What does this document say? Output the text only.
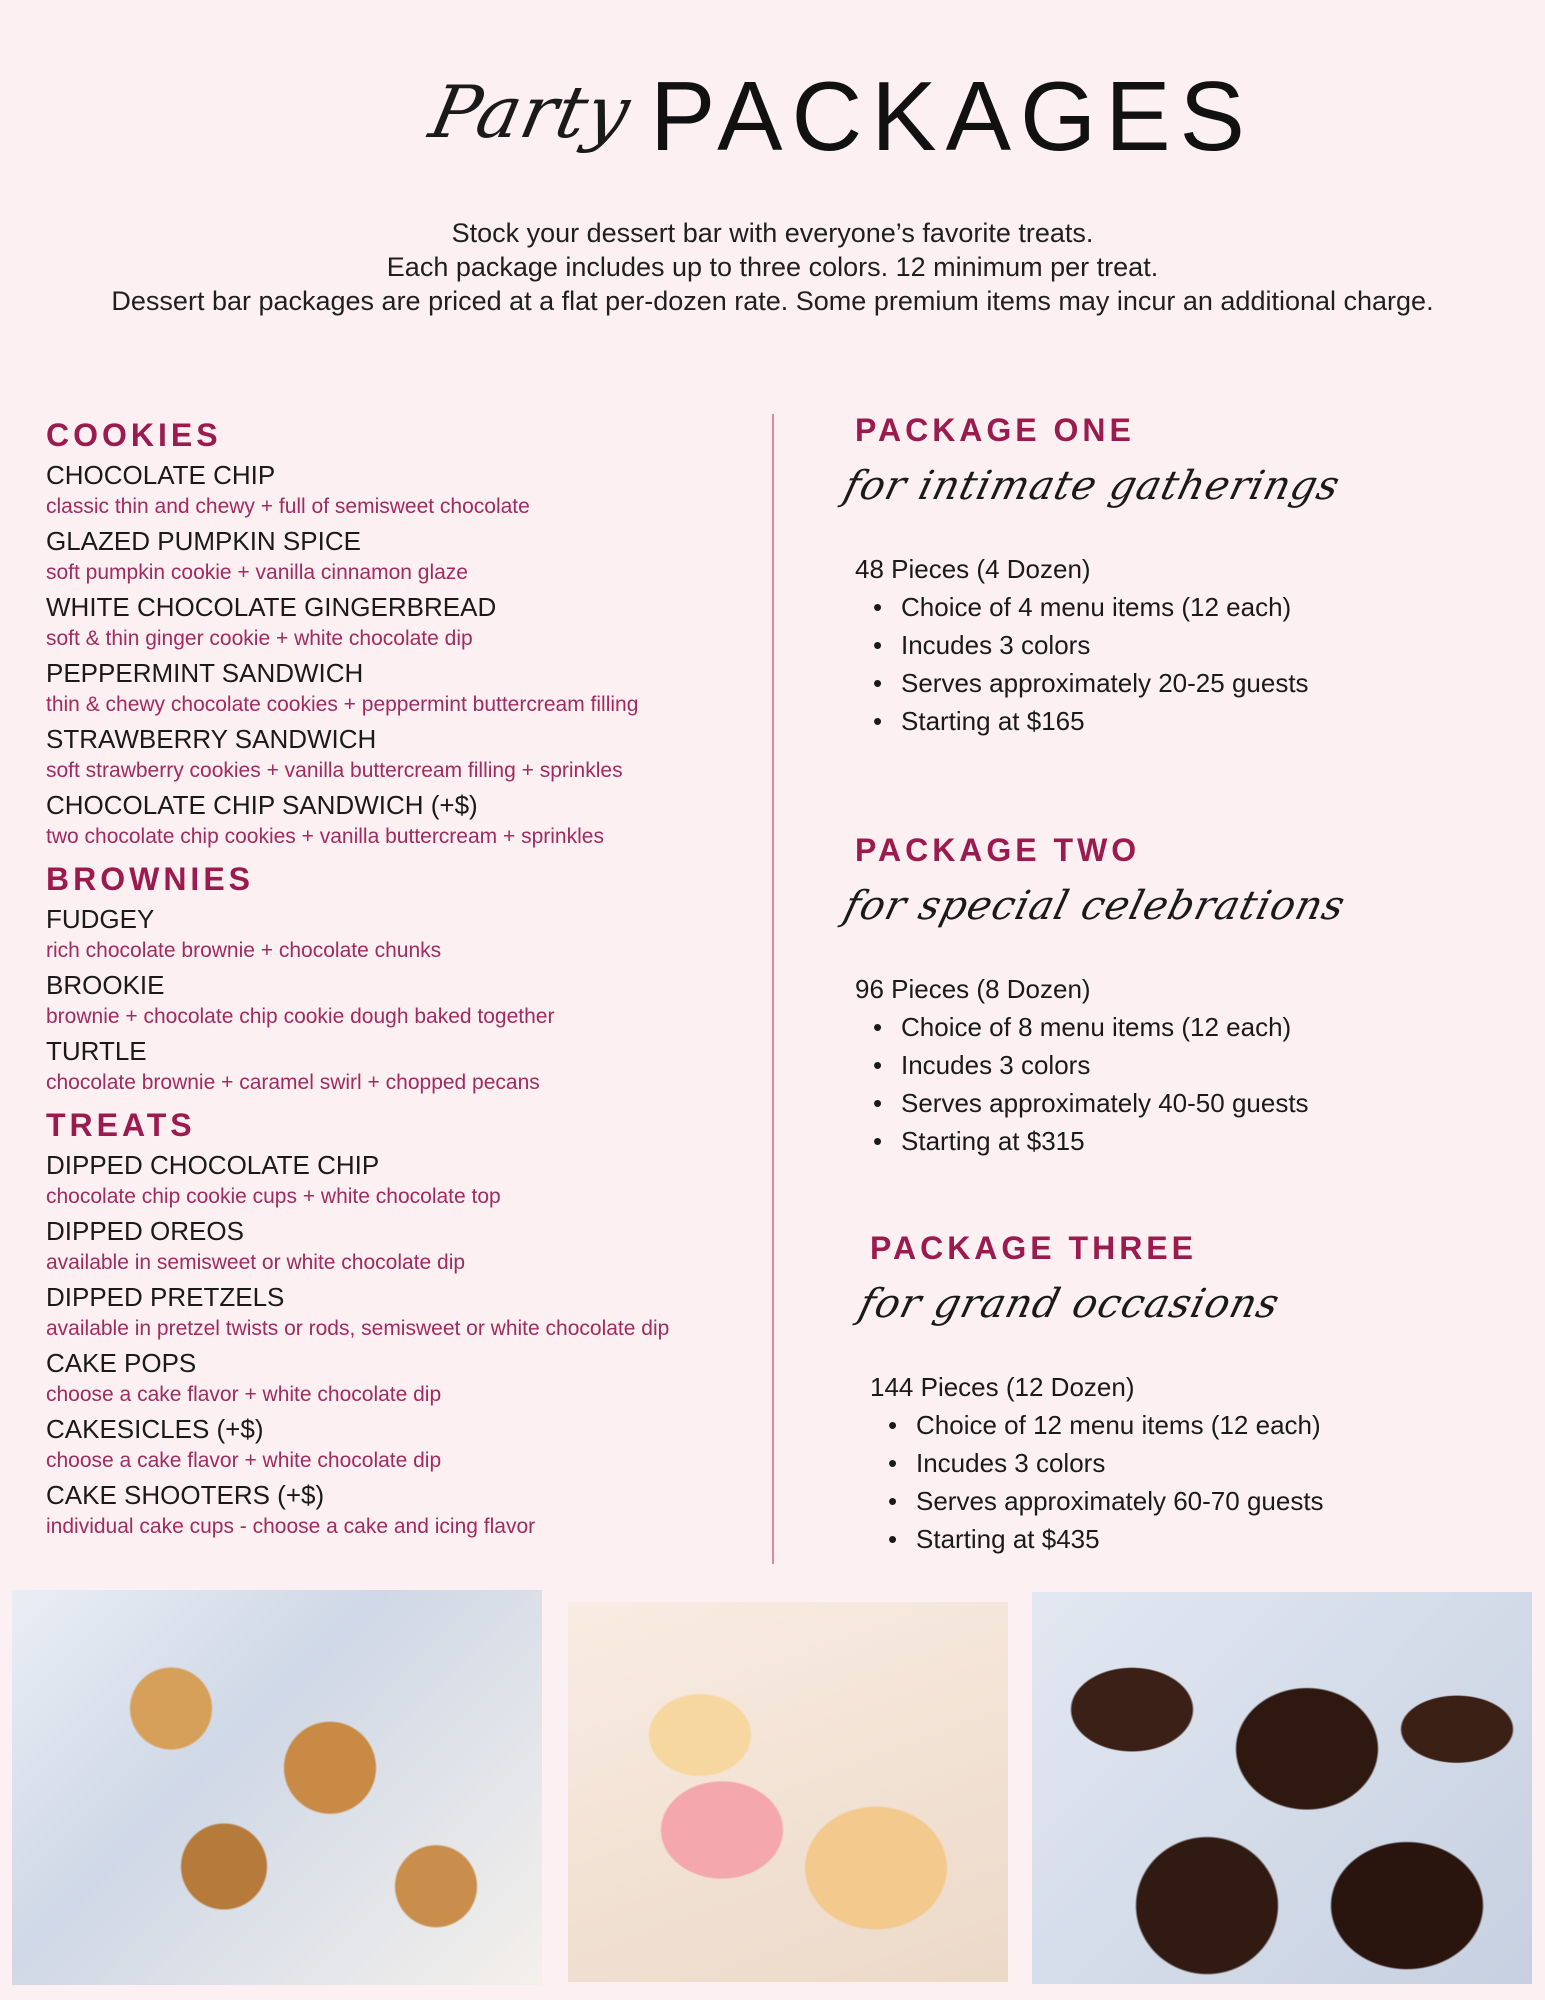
Party PACKAGES
Stock your dessert bar with everyone’s favorite treats.
Each package includes up to three colors. 12 minimum per treat.
Dessert bar packages are priced at a flat per-dozen rate. Some premium items may incur an additional charge.
COOKIES
CHOCOLATE CHIP
classic thin and chewy + full of semisweet chocolate
GLAZED PUMPKIN SPICE
soft pumpkin cookie + vanilla cinnamon glaze
WHITE CHOCOLATE GINGERBREAD
soft & thin ginger cookie + white chocolate dip
PEPPERMINT SANDWICH
thin & chewy chocolate cookies + peppermint buttercream filling
STRAWBERRY SANDWICH
soft strawberry cookies + vanilla buttercream filling + sprinkles
CHOCOLATE CHIP SANDWICH (+$)
two chocolate chip cookies + vanilla buttercream + sprinkles
BROWNIES
FUDGEY
rich chocolate brownie + chocolate chunks
BROOKIE
brownie + chocolate chip cookie dough baked together
TURTLE
chocolate brownie + caramel swirl + chopped pecans
TREATS
DIPPED CHOCOLATE CHIP
chocolate chip cookie cups + white chocolate top
DIPPED OREOS
available in semisweet or white chocolate dip
DIPPED PRETZELS
available in pretzel twists or rods, semisweet or white chocolate dip
CAKE POPS
choose a cake flavor + white chocolate dip
CAKESICLES (+$)
choose a cake flavor + white chocolate dip
CAKE SHOOTERS (+$)
individual cake cups - choose a cake and icing flavor
PACKAGE ONE
for intimate gatherings
48 Pieces (4 Dozen)
• Choice of 4 menu items (12 each)
• Incudes 3 colors
• Serves approximately 20-25 guests
• Starting at $165
PACKAGE TWO
for special celebrations
96 Pieces (8 Dozen)
• Choice of 8 menu items (12 each)
• Incudes 3 colors
• Serves approximately 40-50 guests
• Starting at $315
PACKAGE THREE
for grand occasions
144 Pieces (12 Dozen)
• Choice of 12 menu items (12 each)
• Incudes 3 colors
• Serves approximately 60-70 guests
• Starting at $435
